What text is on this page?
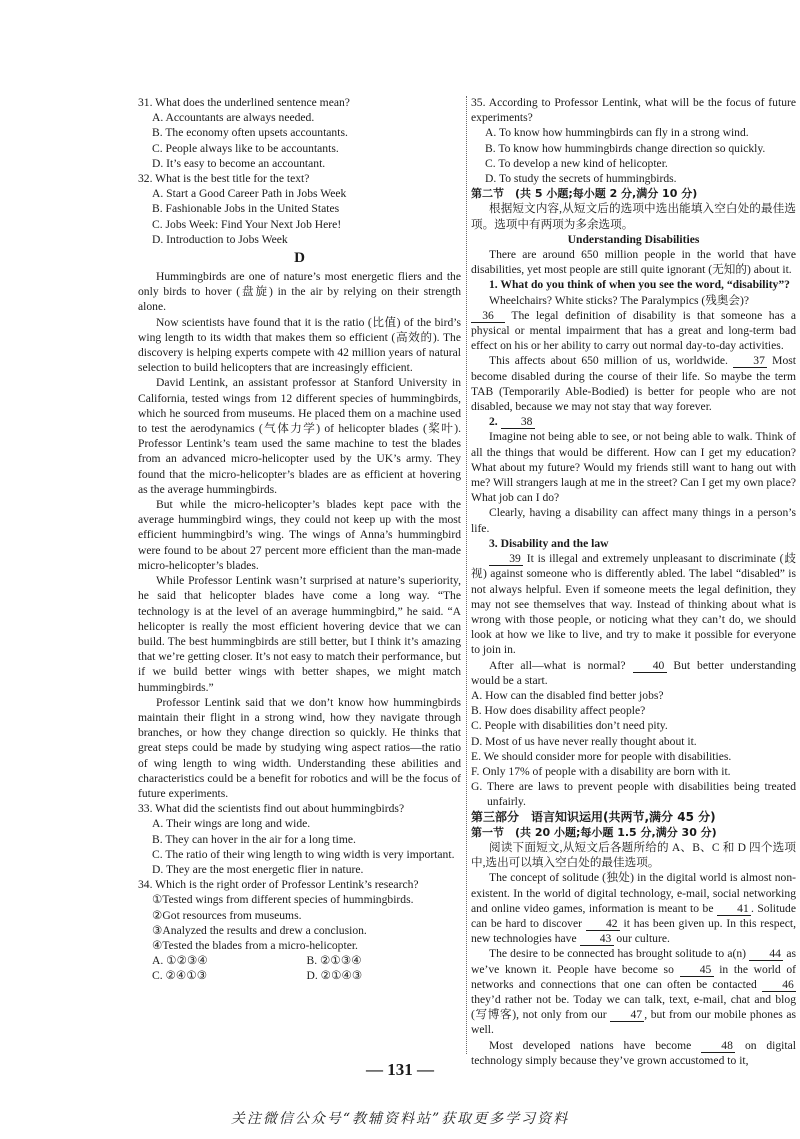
31. What does the underlined sentence mean?

A. Accountants are always needed.

B. The economy often upsets accountants.

C. People always like to be accountants.

D. It’s easy to become an accountant.

32. What is the best title for the text?

A. Start a Good Career Path in Jobs Week

B. Fashionable Jobs in the United States

C. Jobs Week: Find Your Next Job Here!

D. Introduction to Jobs Week

D

Hummingbirds are one of nature’s most energetic fliers and the only birds to hover (盘旋) in the air by relying on their strength alone.

Now scientists have found that it is the ratio (比值) of the bird’s wing length to its width that makes them so efficient (高效的). The discovery is helping experts compete with 42 million years of natural selection to build helicopters that are increasingly efficient.

David Lentink, an assistant professor at Stanford University in California, tested wings from 12 different species of hummingbirds, which he sourced from museums. He placed them on a machine used to test the aerodynamics (气体力学) of helicopter blades (桨叶). Professor Lentink’s team used the same machine to test the blades from an advanced micro-helicopter used by the UK’s army. They found that the micro-helicopter’s blades are as efficient at hovering as the average hummingbirds.

But while the micro-helicopter’s blades kept pace with the average hummingbird wings, they could not keep up with the most efficient hummingbird’s wing. The wings of Anna’s hummingbird were found to be about 27 percent more efficient than the man-made micro-helicopter’s blades.

While Professor Lentink wasn’t surprised at nature’s superiority, he said that helicopter blades have come a long way. “The technology is at the level of an average hummingbird,” he said. “A helicopter is really the most efficient hovering device that we can build. The best hummingbirds are still better, but I think it’s amazing that we’re getting closer. It’s not easy to match their performance, but if we build better wings with better shapes, we might match hummingbirds.”

Professor Lentink said that we don’t know how hummingbirds maintain their flight in a strong wind, how they navigate through branches, or how they change direction so quickly. He thinks that great steps could be made by studying wing aspect ratios—the ratio of wing length to wing width. Understanding these abilities and characteristics could be a benefit for robotics and will be the focus of future experiments.

33. What did the scientists find out about hummingbirds?

A. Their wings are long and wide.

B. They can hover in the air for a long time.

C. The ratio of their wing length to wing width is very important.

D. They are the most energetic flier in nature.

34. Which is the right order of Professor Lentink’s research?

①Tested wings from different species of hummingbirds.

②Got resources from museums.

③Analyzed the results and drew a conclusion.

④Tested the blades from a micro-helicopter.

A. ①②③④	B. ②①③④
C. ②④①③	D. ②①④③

35. According to Professor Lentink, what will be the focus of future experiments?

A. To know how hummingbirds can fly in a strong wind.

B. To know how hummingbirds change direction so quickly.

C. To develop a new kind of helicopter.

D. To study the secrets of hummingbirds.

第二节　(共 5 小题;每小题 2 分,满分 10 分)

根据短文内容,从短文后的选项中选出能填入空白处的最佳选项。选项中有两项为多余选项。

Understanding Disabilities

There are around 650 million people in the world that have disabilities, yet most people are still quite ignorant (无知的) about it.

1. What do you think of when you see the word, “disability”?

Wheelchairs? White sticks? The Paralympics (残奥会)?

36 The legal definition of disability is that someone has a physical or mental impairment that has a great and long-term bad effect on his or her ability to carry out normal day-to-day activities.

This affects about 650 million of us, worldwide. 37 Most become disabled during the course of their life. So maybe the term TAB (Temporarily Able-Bodied) is better for people who are not disabled, because we may not stay that way forever.

2. 38

Imagine not being able to see, or not being able to walk. Think of all the things that would be different. How can I get my education? What about my future? Would my friends still want to hang out with me? Will strangers laugh at me in the street? Can I get my own place? What job can I do?

Clearly, having a disability can affect many things in a person’s life.

3. Disability and the law

39 It is illegal and extremely unpleasant to discriminate (歧视) against someone who is differently abled. The label “disabled” is not always helpful. Even if someone meets the legal definition, they may not see themselves that way. Instead of thinking about what is wrong with those people, or noticing what they can’t do, we should look at how we like to live, and try to make it possible for everyone to join in.

After all—what is normal? 40 But better understanding would be a start.

A. How can the disabled find better jobs?

B. How does disability affect people?

C. People with disabilities don’t need pity.

D. Most of us have never really thought about it.

E. We should consider more for people with disabilities.

F. Only 17% of people with a disability are born with it.

G. There are laws to prevent people with disabilities being treated unfairly.

第三部分　语言知识运用(共两节,满分 45 分)

第一节　(共 20 小题;每小题 1.5 分,满分 30 分)

阅读下面短文,从短文后各题所给的 A、B、C 和 D 四个选项中,选出可以填入空白处的最佳选项。

The concept of solitude (独处) in the digital world is almost non-existent. In the world of digital technology, e-mail, social networking and online video games, information is meant to be 41 . Solitude can be hard to discover 42 it has been given up. In this respect, new technologies have 43 our culture.

The desire to be connected has brought solitude to a(n) 44 as we’ve known it. People have become so 45 in the world of networks and connections that one can often be contacted 46 they’d rather not be. Today we can talk, text, e-mail, chat and blog (写博客), not only from our 47 , but from our mobile phones as well.

Most developed nations have become	48 on digital technology simply because they’ve grown accustomed to it,

— 131 —
关注微信公众号“教辅资料站”获取更多学习资料
